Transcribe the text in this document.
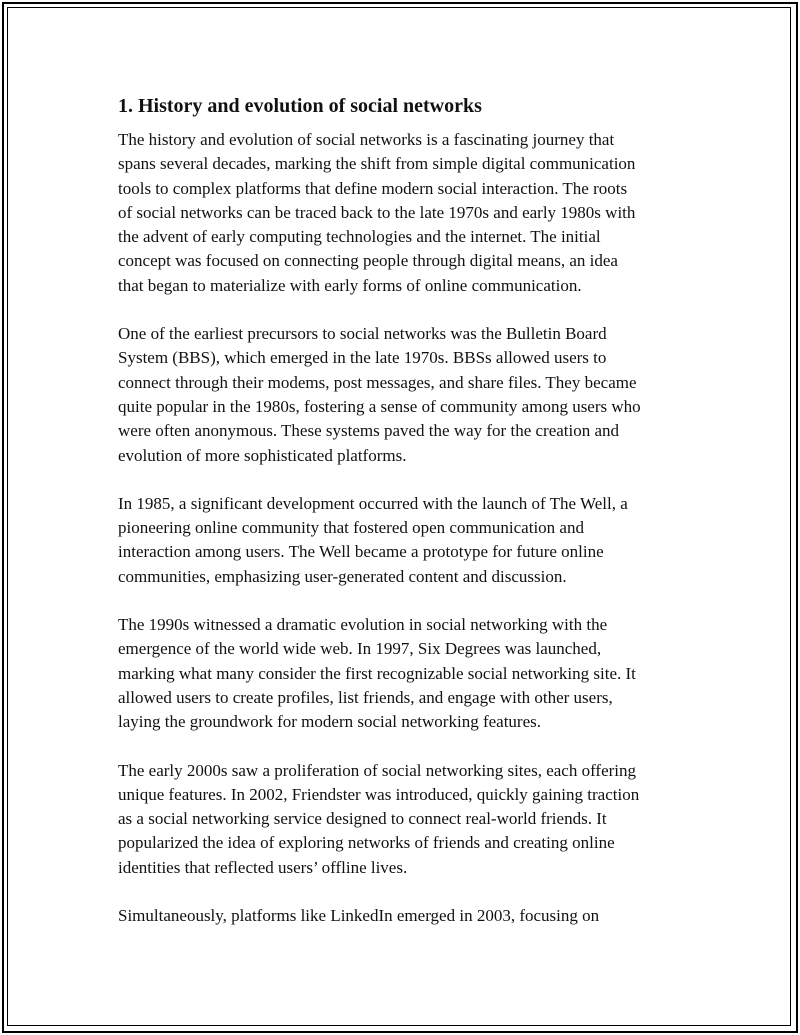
1. History and evolution of social networks

The history and evolution of social networks is a fascinating journey that
spans several decades, marking the shift from simple digital communication
tools to complex platforms that define modern social interaction. The roots
of social networks can be traced back to the late 1970s and early 1980s with
the advent of early computing technologies and the internet. The initial
concept was focused on connecting people through digital means, an idea
that began to materialize with early forms of online communication.

One of the earliest precursors to social networks was the Bulletin Board
System (BBS), which emerged in the late 1970s. BBSs allowed users to
connect through their modems, post messages, and share files. They became
quite popular in the 1980s, fostering a sense of community among users who
were often anonymous. These systems paved the way for the creation and
evolution of more sophisticated platforms.

In 1985, a significant development occurred with the launch of The Well, a
pioneering online community that fostered open communication and
interaction among users. The Well became a prototype for future online
communities, emphasizing user-generated content and discussion.

The 1990s witnessed a dramatic evolution in social networking with the
emergence of the world wide web. In 1997, Six Degrees was launched,
marking what many consider the first recognizable social networking site. It
allowed users to create profiles, list friends, and engage with other users,
laying the groundwork for modern social networking features.

The early 2000s saw a proliferation of social networking sites, each offering
unique features. In 2002, Friendster was introduced, quickly gaining traction
as a social networking service designed to connect real-world friends. It
popularized the idea of exploring networks of friends and creating online
identities that reflected users’ offline lives.

Simultaneously, platforms like LinkedIn emerged in 2003, focusing on
